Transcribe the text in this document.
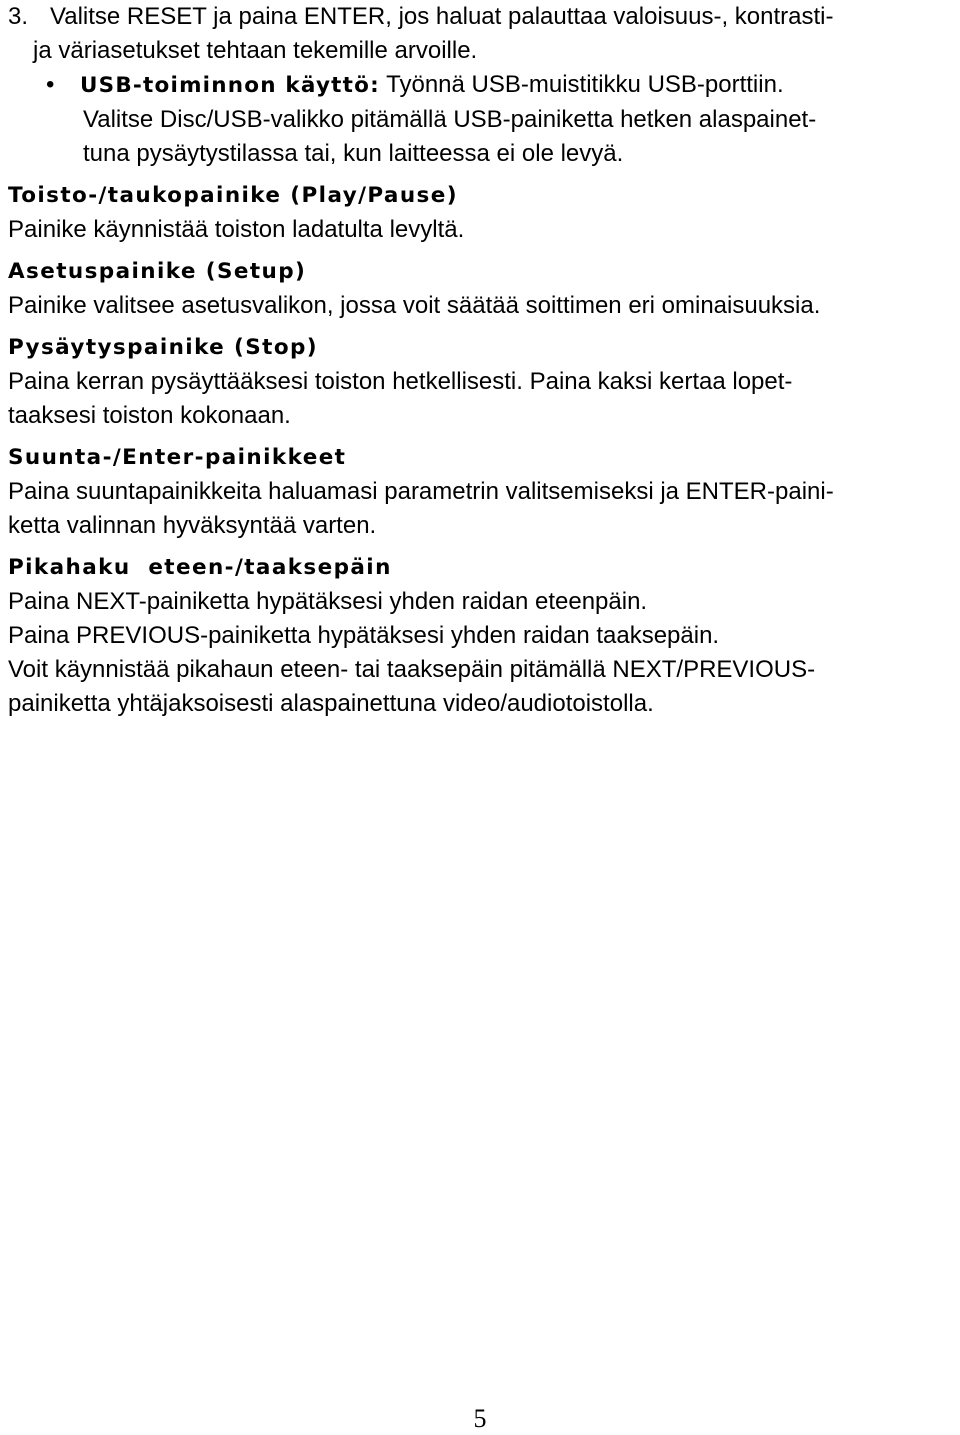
3. Valitse RESET ja paina ENTER, jos haluat palauttaa valoisuus-, kontrasti-

ja väriasetukset tehtaan tekemille arvoille.

• USB-toiminnon käyttö: Työnnä USB-muistitikku USB-porttiin.

Valitse Disc/USB-valikko pitämällä USB-painiketta hetken alaspainet-

tuna pysäytystilassa tai, kun laitteessa ei ole levyä.

Toisto-/taukopainike (Play/Pause)

Painike käynnistää toiston ladatulta levyltä.

Asetuspainike (Setup)

Painike valitsee asetusvalikon, jossa voit säätää soittimen eri ominaisuuksia.

Pysäytyspainike (Stop)

Paina kerran pysäyttääksesi toiston hetkellisesti. Paina kaksi kertaa lopet-

taaksesi toiston kokonaan.

Suunta-/Enter-painikkeet

Paina suuntapainikkeita haluamasi parametrin valitsemiseksi ja ENTER-paini-

ketta valinnan hyväksyntää varten.

Pikahaku  eteen-/taaksepäin

Paina NEXT-painiketta hypätäksesi yhden raidan eteenpäin.

Paina PREVIOUS-painiketta hypätäksesi yhden raidan taaksepäin.

Voit käynnistää pikahaun eteen- tai taaksepäin pitämällä NEXT/PREVIOUS-

painiketta yhtäjaksoisesti alaspainettuna video/audiotoistolla.

5
